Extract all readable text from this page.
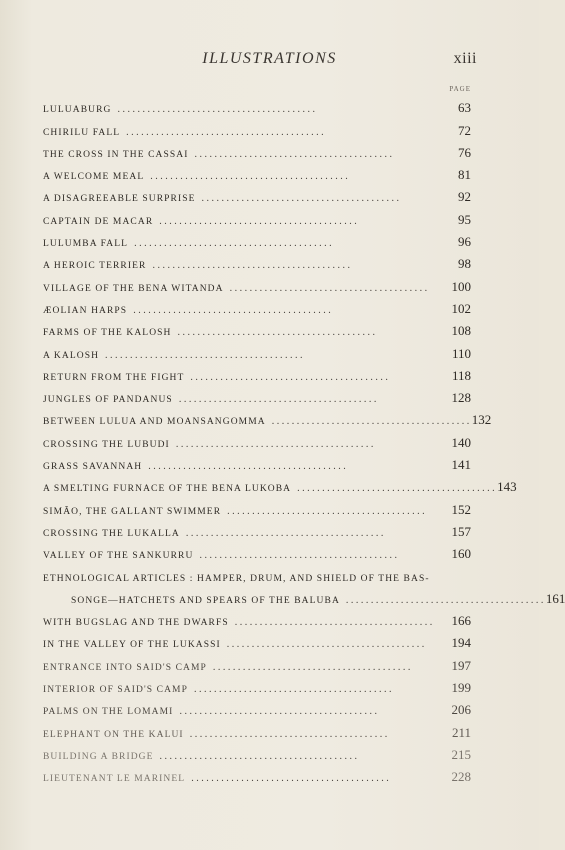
ILLUSTRATIONS	xiii
PAGE
LULUABURG . . . . . . . . . . . . . . . . . . . . . . . . . . . . . . . . . . . . . . . .	63
CHIRILU FALL . . . . . . . . . . . . . . . . . . . . . . . . . . . . . . . . . . . . . . . .	72
THE CROSS IN THE CASSAI . . . . . . . . . . . . . . . . . . . . . . . . . . . . . . . . . . . . . . . .	76
A WELCOME MEAL . . . . . . . . . . . . . . . . . . . . . . . . . . . . . . . . . . . . . . . .	81
A DISAGREEABLE SURPRISE . . . . . . . . . . . . . . . . . . . . . . . . . . . . . . . . . . . . . . . .	92
CAPTAIN DE MACAR . . . . . . . . . . . . . . . . . . . . . . . . . . . . . . . . . . . . . . . .	95
LULUMBA FALL . . . . . . . . . . . . . . . . . . . . . . . . . . . . . . . . . . . . . . . .	96
A HEROIC TERRIER . . . . . . . . . . . . . . . . . . . . . . . . . . . . . . . . . . . . . . . .	98
VILLAGE OF THE BENA WITANDA . . . . . . . . . . . . . . . . . . . . . . . . . . . . . . . . . . . . . . . .	100
ÆOLIAN HARPS . . . . . . . . . . . . . . . . . . . . . . . . . . . . . . . . . . . . . . . .	102
FARMS OF THE KALOSH . . . . . . . . . . . . . . . . . . . . . . . . . . . . . . . . . . . . . . . .	108
A KALOSH . . . . . . . . . . . . . . . . . . . . . . . . . . . . . . . . . . . . . . . .	110
RETURN FROM THE FIGHT . . . . . . . . . . . . . . . . . . . . . . . . . . . . . . . . . . . . . . . .	118
JUNGLES OF PANDANUS . . . . . . . . . . . . . . . . . . . . . . . . . . . . . . . . . . . . . . . .	128
BETWEEN LULUA AND MOANSANGOMMA . . . . . . . . . . . . . . . . . . . . . . . . . . . . . . . . . . . . . . . . 132
CROSSING THE LUBUDI . . . . . . . . . . . . . . . . . . . . . . . . . . . . . . . . . . . . . . . .	140
GRASS SAVANNAH . . . . . . . . . . . . . . . . . . . . . . . . . . . . . . . . . . . . . . . .	141
A SMELTING FURNACE OF THE BENA LUKOBA . . . . . . . . . . . . . . . . . . . . . . . . . . . . . . . . . . . . . . . . 143
SIMÃO, THE GALLANT SWIMMER . . . . . . . . . . . . . . . . . . . . . . . . . . . . . . . . . . . . . . . .	152
CROSSING THE LUKALLA . . . . . . . . . . . . . . . . . . . . . . . . . . . . . . . . . . . . . . . .	157
VALLEY OF THE SANKURRU . . . . . . . . . . . . . . . . . . . . . . . . . . . . . . . . . . . . . . . .	160
ETHNOLOGICAL ARTICLES : HAMPER, DRUM, AND SHIELD OF THE BAS-
SONGE—HATCHETS AND SPEARS OF THE BALUBA . . . . . . . . . . . . . . . . . . . . . . . . . . . . . . . . . . . . . . . . 161
WITH BUGSLAG AND THE DWARFS . . . . . . . . . . . . . . . . . . . . . . . . . . . . . . . . . . . . . . . .	166
IN THE VALLEY OF THE LUKASSI . . . . . . . . . . . . . . . . . . . . . . . . . . . . . . . . . . . . . . . .	194
ENTRANCE INTO SAID'S CAMP . . . . . . . . . . . . . . . . . . . . . . . . . . . . . . . . . . . . . . . .	197
INTERIOR OF SAID'S CAMP . . . . . . . . . . . . . . . . . . . . . . . . . . . . . . . . . . . . . . . .	199
PALMS ON THE LOMAMI . . . . . . . . . . . . . . . . . . . . . . . . . . . . . . . . . . . . . . . .	206
ELEPHANT ON THE KALUI . . . . . . . . . . . . . . . . . . . . . . . . . . . . . . . . . . . . . . . .	211
BUILDING A BRIDGE . . . . . . . . . . . . . . . . . . . . . . . . . . . . . . . . . . . . . . . .	215
LIEUTENANT LE MARINEL . . . . . . . . . . . . . . . . . . . . . . . . . . . . . . . . . . . . . . . .	228
